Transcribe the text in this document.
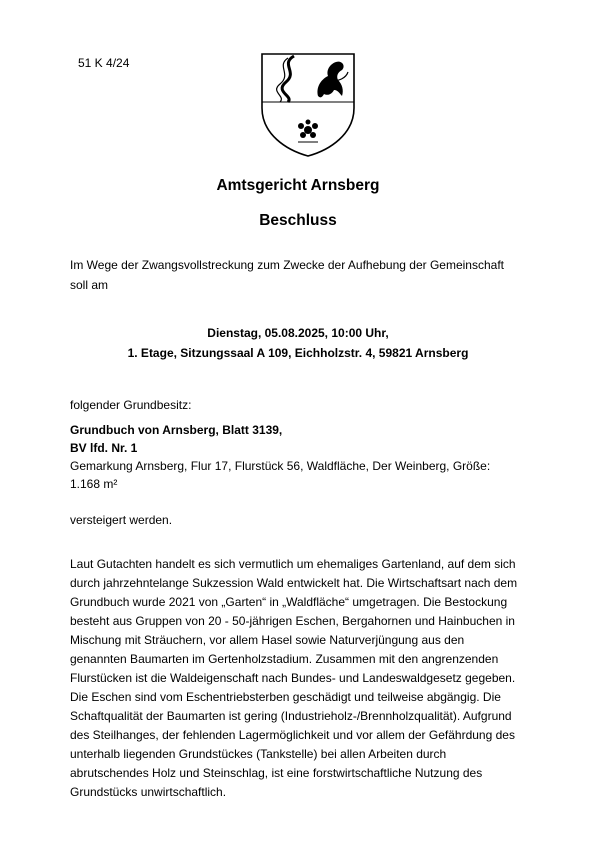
51 K 4/24
Amtsgericht Arnsberg
Beschluss
Im Wege der Zwangsvollstreckung zum Zwecke der Aufhebung der Gemeinschaft
soll am
Dienstag, 05.08.2025, 10:00 Uhr,
1. Etage, Sitzungssaal A 109, Eichholzstr. 4, 59821 Arnsberg
folgender Grundbesitz:
Grundbuch von Arnsberg, Blatt 3139,
BV lfd. Nr. 1
Gemarkung Arnsberg, Flur 17, Flurstück 56, Waldfläche, Der Weinberg, Größe:
1.168 m²
versteigert werden.
Laut Gutachten handelt es sich vermutlich um ehemaliges Gartenland, auf dem sich
durch jahrzehntelange Sukzession Wald entwickelt hat. Die Wirtschaftsart nach dem
Grundbuch wurde 2021 von „Garten“ in „Waldfläche“ umgetragen. Die Bestockung
besteht aus Gruppen von 20 - 50-jährigen Eschen, Bergahornen und Hainbuchen in
Mischung mit Sträuchern, vor allem Hasel sowie Naturverjüngung aus den
genannten Baumarten im Gertenholzstadium. Zusammen mit den angrenzenden
Flurstücken ist die Waldeigenschaft nach Bundes- und Landeswaldgesetz gegeben.
Die Eschen sind vom Eschentriebsterben geschädigt und teilweise abgängig. Die
Schaftqualität der Baumarten ist gering (Industrieholz-/Brennholzqualität). Aufgrund
des Steilhanges, der fehlenden Lagermöglichkeit und vor allem der Gefährdung des
unterhalb liegenden Grundstückes (Tankstelle) bei allen Arbeiten durch
abrutschendes Holz und Steinschlag, ist eine forstwirtschaftliche Nutzung des
Grundstücks unwirtschaftlich.
